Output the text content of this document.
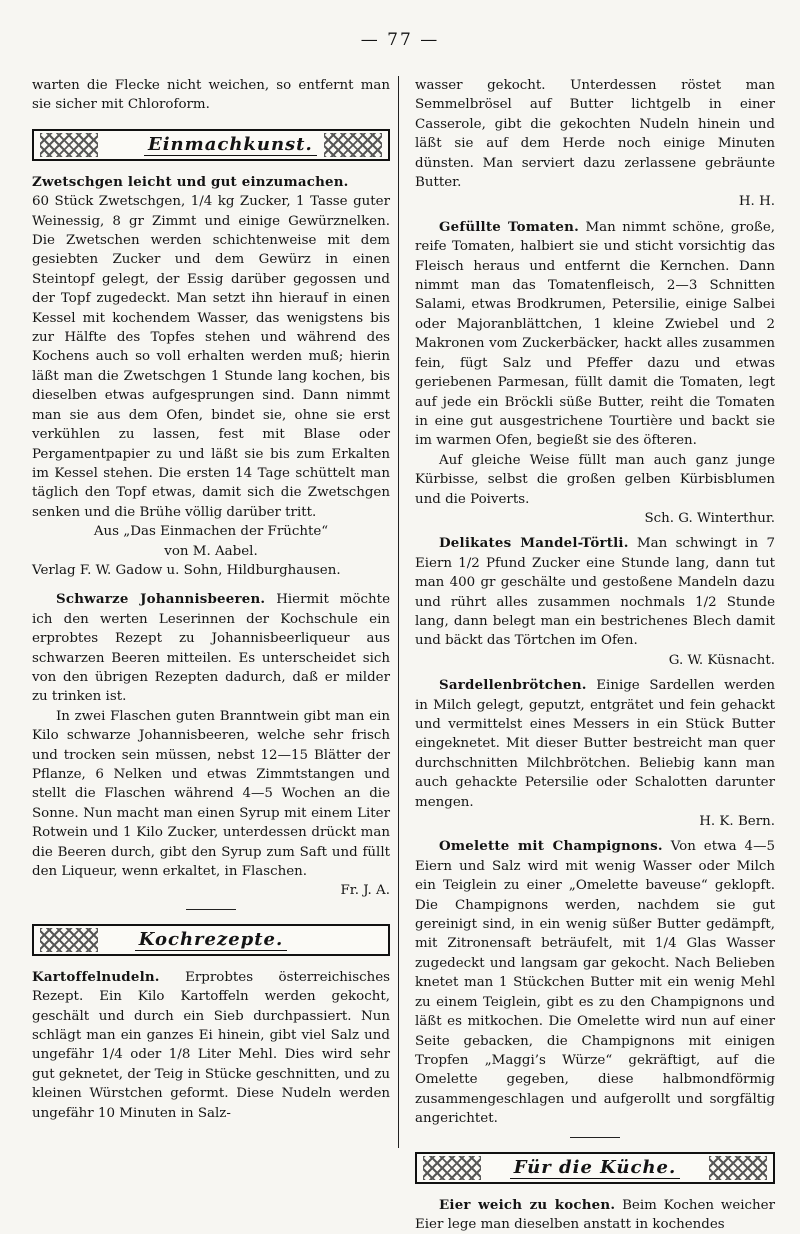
— 77 —

warten die Flecke nicht weichen, so entfernt man sie sicher mit Chloroform.

Einmachkunst.

Zwetschgen leicht und gut einzumachen.

60 Stück Zwetschgen, 1/4 kg Zucker, 1 Tasse guter Weinessig, 8 gr Zimmt und einige Gewürznelken. Die Zwetschen werden schichtenweise mit dem gesiebten Zucker und dem Gewürz in einen Steintopf gelegt, der Essig darüber gegossen und der Topf zugedeckt. Man setzt ihn hierauf in einen Kessel mit kochendem Wasser, das wenigstens bis zur Hälfte des Topfes stehen und während des Kochens auch so voll erhalten werden muß; hierin läßt man die Zwetschgen 1 Stunde lang kochen, bis dieselben etwas aufgesprungen sind. Dann nimmt man sie aus dem Ofen, bindet sie, ohne sie erst verkühlen zu lassen, fest mit Blase oder Pergamentpapier zu und läßt sie bis zum Erkalten im Kessel stehen. Die ersten 14 Tage schüttelt man täglich den Topf etwas, damit sich die Zwetschgen senken und die Brühe völlig darüber tritt.

Aus „Das Einmachen der Früchte“

von M. Aabel.

Verlag F. W. Gadow u. Sohn, Hildburghausen.

Schwarze Johannisbeeren. Hiermit möchte ich den werten Leserinnen der Kochschule ein erprobtes Rezept zu Johannisbeerliqueur aus schwarzen Beeren mitteilen. Es unterscheidet sich von den übrigen Rezepten dadurch, daß er milder zu trinken ist.

In zwei Flaschen guten Branntwein gibt man ein Kilo schwarze Johannisbeeren, welche sehr frisch und trocken sein müssen, nebst 12—15 Blätter der Pflanze, 6 Nelken und etwas Zimmtstangen und stellt die Flaschen während 4—5 Wochen an die Sonne. Nun macht man einen Syrup mit einem Liter Rotwein und 1 Kilo Zucker, unterdessen drückt man die Beeren durch, gibt den Syrup zum Saft und füllt den Liqueur, wenn erkaltet, in Flaschen.

Fr. J. A.

Kochrezepte.

Kartoffelnudeln. Erprobtes österreichisches Rezept. Ein Kilo Kartoffeln werden gekocht, geschält und durch ein Sieb durchpassiert. Nun schlägt man ein ganzes Ei hinein, gibt viel Salz und ungefähr 1/4 oder 1/8 Liter Mehl. Dies wird sehr gut geknetet, der Teig in Stücke geschnitten, und zu kleinen Würstchen geformt. Diese Nudeln werden ungefähr 10 Minuten in Salz-

wasser gekocht. Unterdessen röstet man Semmelbrösel auf Butter lichtgelb in einer Casserole, gibt die gekochten Nudeln hinein und läßt sie auf dem Herde noch einige Minuten dünsten. Man serviert dazu zerlassene gebräunte Butter.

H. H.

Gefüllte Tomaten. Man nimmt schöne, große, reife Tomaten, halbiert sie und sticht vorsichtig das Fleisch heraus und entfernt die Kernchen. Dann nimmt man das Tomatenfleisch, 2—3 Schnitten Salami, etwas Brodkrumen, Petersilie, einige Salbei oder Majoranblättchen, 1 kleine Zwiebel und 2 Makronen vom Zuckerbäcker, hackt alles zusammen fein, fügt Salz und Pfeffer dazu und etwas geriebenen Parmesan, füllt damit die Tomaten, legt auf jede ein Bröckli süße Butter, reiht die Tomaten in eine gut ausgestrichene Tourtière und backt sie im warmen Ofen, begießt sie des öfteren.

Auf gleiche Weise füllt man auch ganz junge Kürbisse, selbst die großen gelben Kürbisblumen und die Poiverts.

Sch. G. Winterthur.

Delikates Mandel-Törtli. Man schwingt in 7 Eiern 1/2 Pfund Zucker eine Stunde lang, dann tut man 400 gr geschälte und gestoßene Mandeln dazu und rührt alles zusammen nochmals 1/2 Stunde lang, dann belegt man ein bestrichenes Blech damit und bäckt das Törtchen im Ofen.

G. W. Küsnacht.

Sardellenbrötchen. Einige Sardellen werden in Milch gelegt, geputzt, entgrätet und fein gehackt und vermittelst eines Messers in ein Stück Butter eingeknetet. Mit dieser Butter bestreicht man quer durchschnitten Milchbrötchen. Beliebig kann man auch gehackte Petersilie oder Schalotten darunter mengen.

H. K. Bern.

Omelette mit Champignons. Von etwa 4—5 Eiern und Salz wird mit wenig Wasser oder Milch ein Teiglein zu einer „Omelette baveuse“ geklopft. Die Champignons werden, nachdem sie gut gereinigt sind, in ein wenig süßer Butter gedämpft, mit Zitronensaft beträufelt, mit 1/4 Glas Wasser zugedeckt und langsam gar gekocht. Nach Belieben knetet man 1 Stückchen Butter mit ein wenig Mehl zu einem Teiglein, gibt es zu den Champignons und läßt es mitkochen. Die Omelette wird nun auf einer Seite gebacken, die Champignons mit einigen Tropfen „Maggi’s Würze“ gekräftigt, auf die Omelette gegeben, diese halbmondförmig zusammengeschlagen und aufgerollt und sorgfältig angerichtet.

Für die Küche.

Eier weich zu kochen. Beim Kochen weicher Eier lege man dieselben anstatt in kochendes
